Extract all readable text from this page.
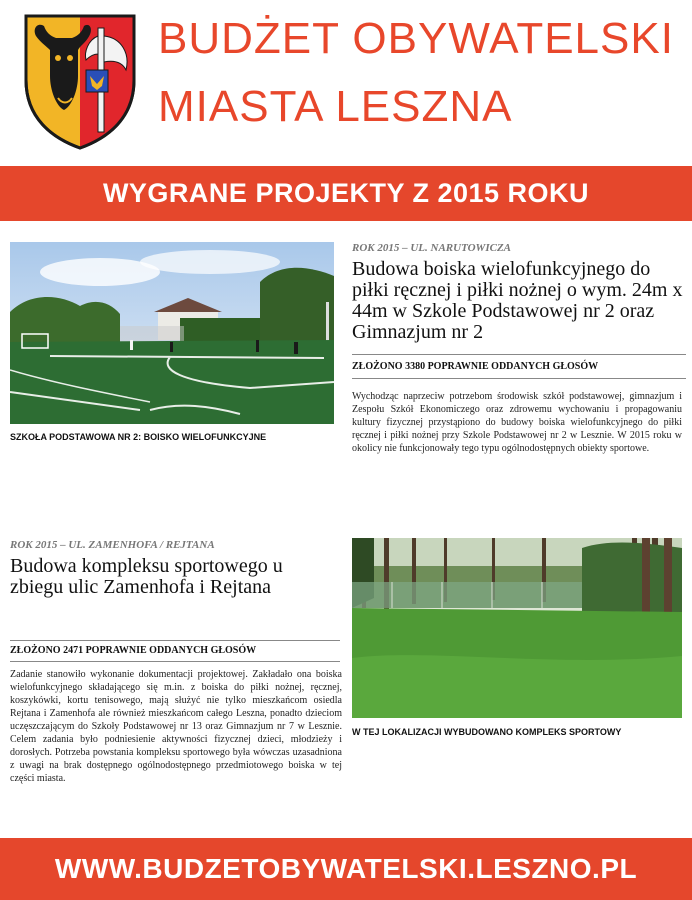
BUDŻET OBYWATELSKI
MIASTA LESZNA
WYGRANE PROJEKTY Z 2015 ROKU
SZKOŁA PODSTAWOWA NR 2: BOISKO WIELOFUNKCYJNE
ROK 2015 – UL. NARUTOWICZA
Budowa boiska wielofunkcyjnego do piłki ręcznej i piłki nożnej o wym. 24m x 44m w Szkole Podstawowej nr 2 oraz Gimnazjum nr 2
ZŁOŻONO 3380 POPRAWNIE ODDANYCH GŁOSÓW
Wychodząc naprzeciw potrzebom środowisk szkół podstawowej, gimnazjum i Zespołu Szkół Ekonomiczego oraz zdrowemu wychowaniu i propagowaniu kultury fizycznej przystąpiono do budowy boiska wielofunkcyjnego do piłki ręcznej i piłki nożnej przy Szkole Podstawowej nr 2 w Lesznie. W 2015 roku w okolicy nie funkcjonowały tego typu ogólnodostępnych obiekty sportowe.
ROK 2015 – UL. ZAMENHOFA / REJTANA
Budowa kompleksu sportowego u zbiegu ulic Zamenhofa i Rejtana
ZŁOŻONO 2471 POPRAWNIE ODDANYCH GŁOSÓW
Zadanie stanowiło wykonanie dokumentacji projektowej. Zakładało ona boiska wielofunkcyjnego składającego się m.in. z boiska do piłki nożnej, ręcznej, koszykówki, kortu tenisowego, mają służyć nie tylko mieszkańcom osiedla Rejtana i Zamenhofa ale również mieszkańcom całego Leszna, ponadto dzieciom uczęszczającym do Szkoły Podstawowej nr 13 oraz Gimnazjum nr 7 w Lesznie. Celem zadania było podniesienie aktywności fizycznej dzieci, młodzieży i dorosłych. Potrzeba powstania kompleksu sportowego była wówczas uzasadniona z uwagi na brak dostępnego ogólnodostępnego przedmiotowego boiska w tej części miasta.
W TEJ LOKALIZACJI WYBUDOWANO KOMPLEKS SPORTOWY
WWW.BUDZETOBYWATELSKI.LESZNO.PL
